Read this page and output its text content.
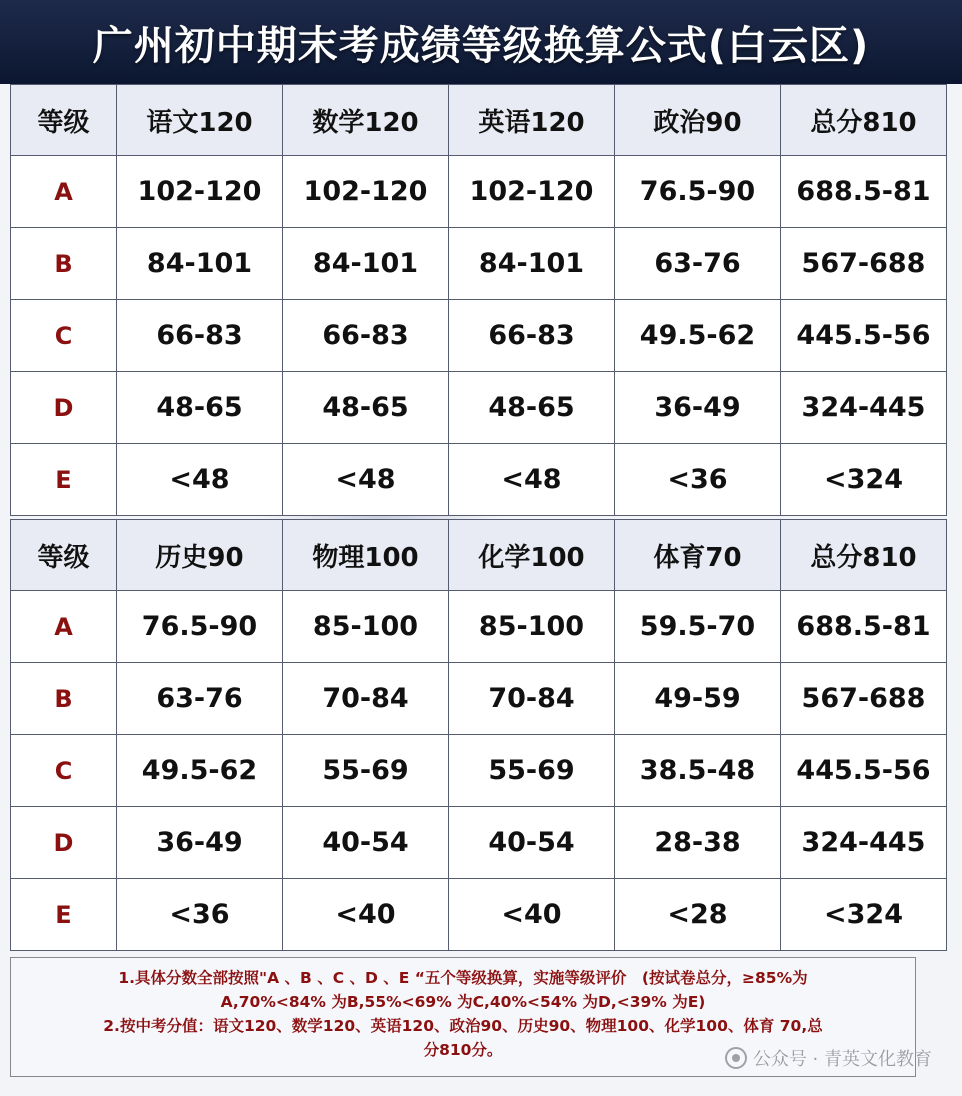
广州初中期末考成绩等级换算公式(白云区)
等级	语文120	数学120	英语120	政治90	总分810
A	102-120	102-120	102-120	76.5-90	688.5-81
B	84-101	84-101	84-101	63-76	567-688
C	66-83	66-83	66-83	49.5-62	445.5-56
D	48-65	48-65	48-65	36-49	324-445
E	<48	<48	<48	<36	<324
等级	历史90	物理100	化学100	体育70	总分810
A	76.5-90	85-100	85-100	59.5-70	688.5-81
B	63-76	70-84	70-84	49-59	567-688
C	49.5-62	55-69	55-69	38.5-48	445.5-56
D	36-49	40-54	40-54	28-38	324-445
E	<36	<40	<40	<28	<324

1.具体分数全部按照"A 、B 、C 、D 、E “五个等级换算，实施等级评价　(按试卷总分，≥85%为

A,70%<84% 为B,55%<69% 为C,40%<54% 为D,<39% 为E)

2.按中考分值：语文120、数学120、英语120、政治90、历史90、物理100、化学100、体育 70,总

分810分。	公众号 · 青英文化教育
